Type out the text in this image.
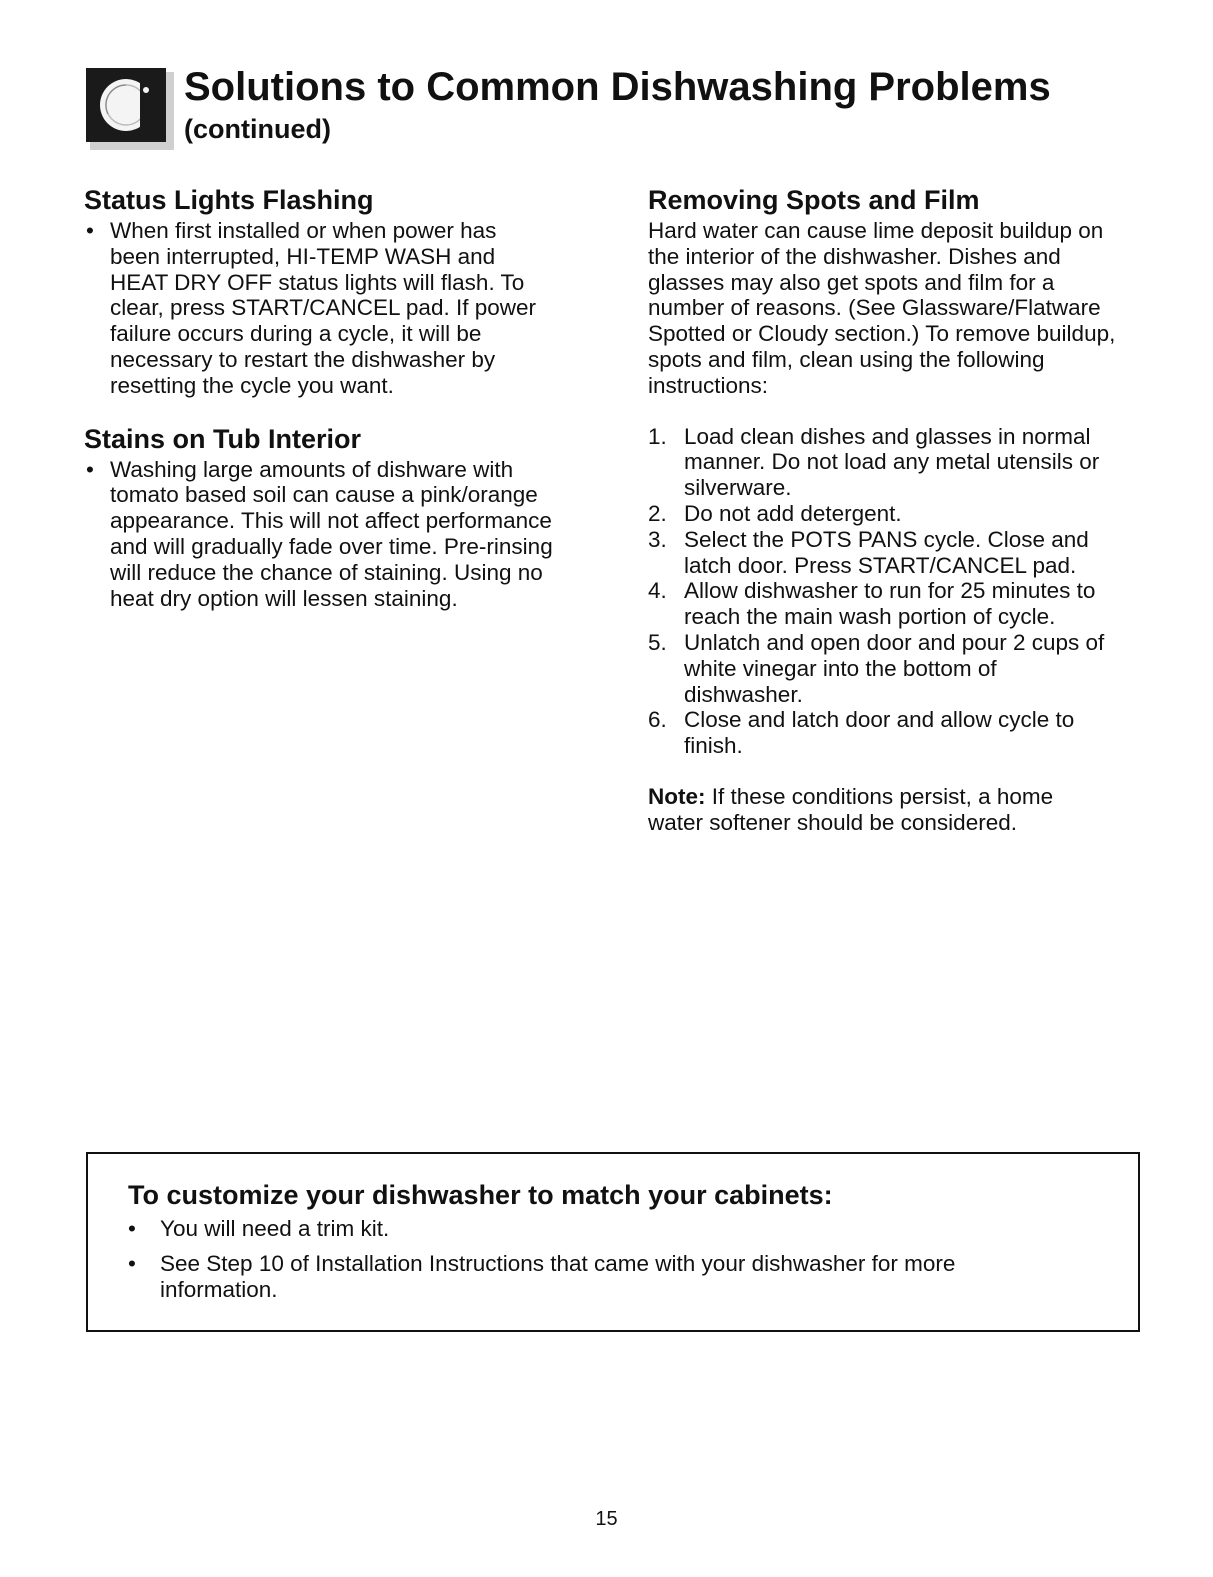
Solutions to Common Dishwashing Problems
(continued)
Status Lights Flashing
• When first installed or when power has
been interrupted, HI-TEMP WASH and
HEAT DRY OFF status lights will flash. To
clear, press START/CANCEL pad. If power
failure occurs during a cycle, it will be
necessary to restart the dishwasher by
resetting the cycle you want.
Stains on Tub Interior
• Washing large amounts of dishware with
tomato based soil can cause a pink/orange
appearance. This will not affect performance
and will gradually fade over time. Pre-rinsing
will reduce the chance of staining. Using no
heat dry option will lessen staining.
Removing Spots and Film
Hard water can cause lime deposit buildup on
the interior of the dishwasher. Dishes and
glasses may also get spots and film for a
number of reasons. (See Glassware/Flatware
Spotted or Cloudy section.) To remove buildup,
spots and film, clean using the following
instructions:
1. Load clean dishes and glasses in normal
manner. Do not load any metal utensils or
silverware.
2. Do not add detergent.
3. Select the POTS PANS cycle. Close and
latch door. Press START/CANCEL pad.
4. Allow dishwasher to run for 25 minutes to
reach the main wash portion of cycle.
5. Unlatch and open door and pour 2 cups of
white vinegar into the bottom of
dishwasher.
6. Close and latch door and allow cycle to
finish.
Note: If these conditions persist, a home
water softener should be considered.
To customize your dishwasher to match your cabinets:
• You will need a trim kit.
• See Step 10 of Installation Instructions that came with your dishwasher for more
information.
15
